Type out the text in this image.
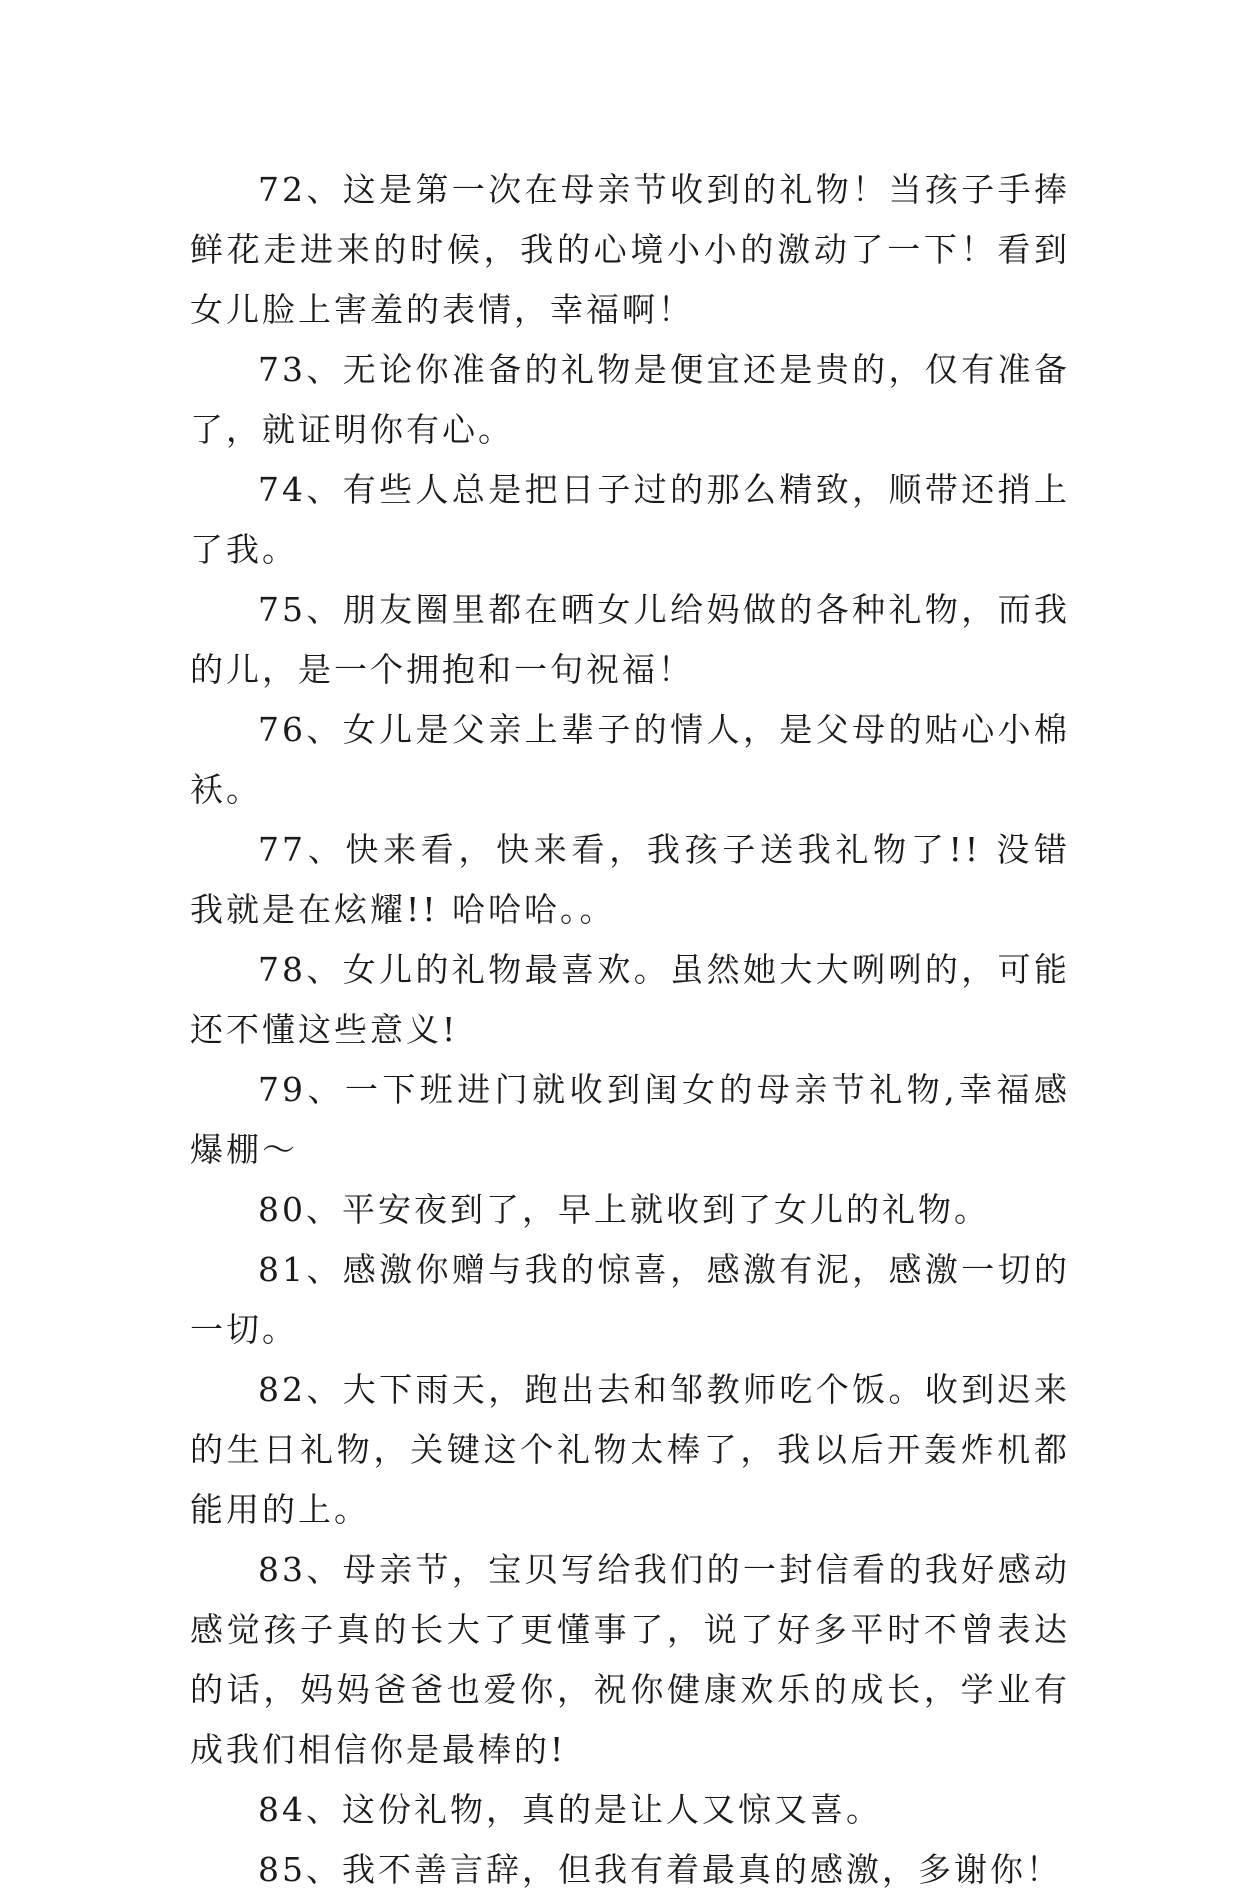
72、这是第一次在母亲节收到的礼物！当孩子手捧鲜花走进来的时候，我的心境小小的激动了一下！看到女儿脸上害羞的表情，幸福啊！

73、无论你准备的礼物是便宜还是贵的，仅有准备了，就证明你有心。

74、有些人总是把日子过的那么精致，顺带还捎上了我。

75、朋友圈里都在晒女儿给妈做的各种礼物，而我的儿，是一个拥抱和一句祝福！

76、女儿是父亲上辈子的情人，是父母的贴心小棉袄。

77、快来看，快来看，我孩子送我礼物了!! 没错我就是在炫耀!! 哈哈哈。。

78、女儿的礼物最喜欢。虽然她大大咧咧的，可能还不懂这些意义!

79、一下班进门就收到闺女的母亲节礼物,幸福感爆棚～

80、平安夜到了，早上就收到了女儿的礼物。

81、感激你赠与我的惊喜，感激有泥，感激一切的一切。

82、大下雨天，跑出去和邹教师吃个饭。收到迟来的生日礼物，关键这个礼物太棒了，我以后开轰炸机都能用的上。

83、母亲节，宝贝写给我们的一封信看的我好感动感觉孩子真的长大了更懂事了，说了好多平时不曾表达的话，妈妈爸爸也爱你，祝你健康欢乐的成长，学业有成我们相信你是最棒的!

84、这份礼物，真的是让人又惊又喜。

85、我不善言辞，但我有着最真的感激，多谢你！
